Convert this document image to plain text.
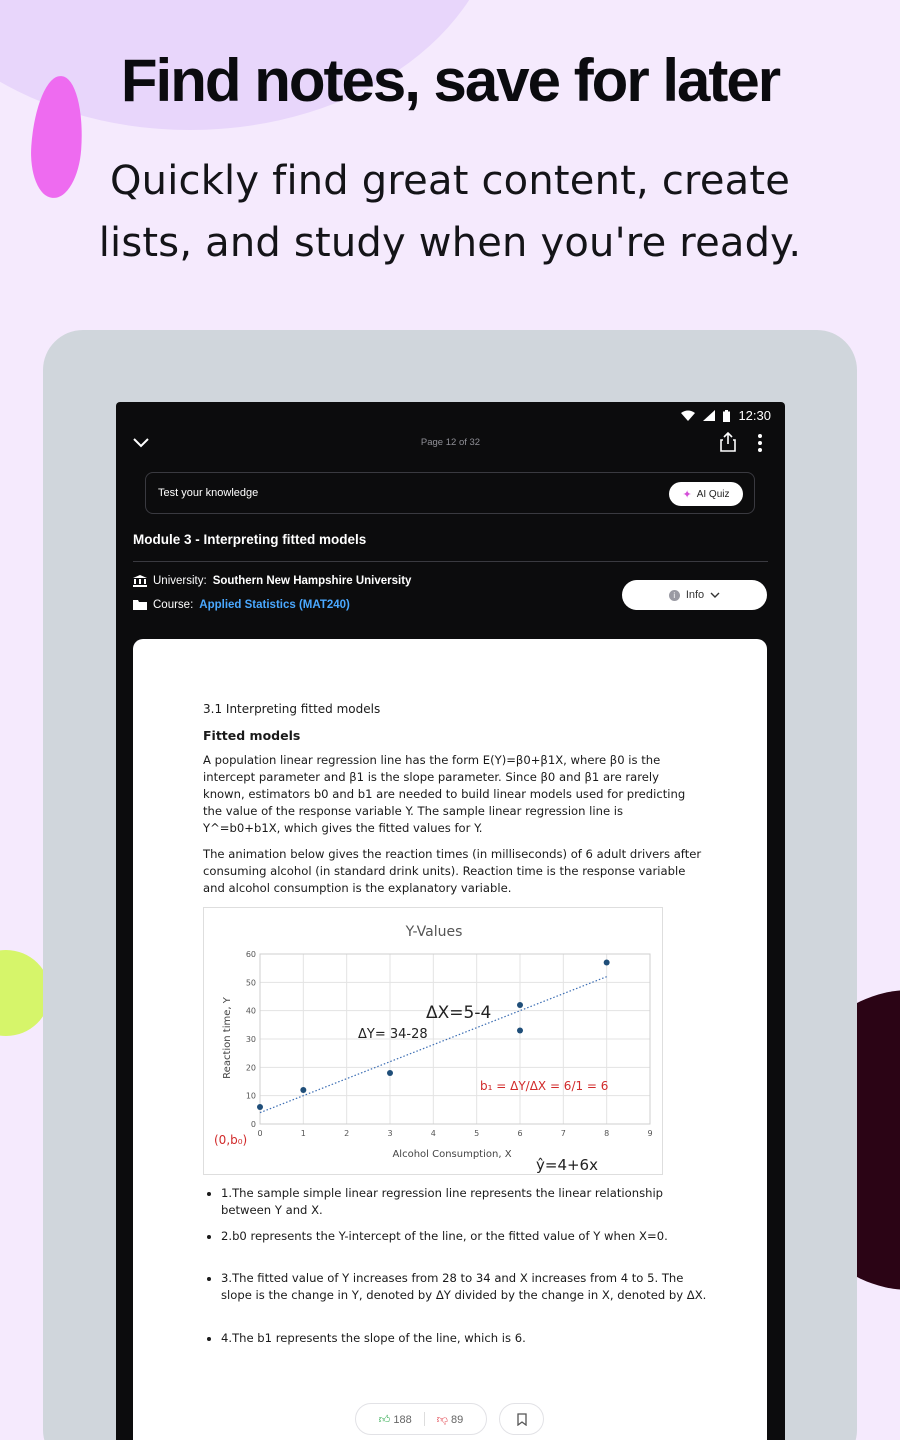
Find notes, save for later
Quickly find great content, create lists, and study when you're ready.
12:30
Page 12 of 32
Test your knowledge	✦ AI Quiz
Module 3 - Interpreting fitted models
University: Southern New Hampshire University
Course: Applied Statistics (MAT240)
i Info
3.1 Interpreting fitted models
Fitted models
A population linear regression line has the form E(Y)=β0+β1X, where β0 is the intercept parameter and β1 is the slope parameter. Since β0 and β1 are rarely known, estimators b0 and b1 are needed to build linear models used for predicting the value of the response variable Y. The sample linear regression line is Y^=b0+b1X, which gives the fitted values for Y.
The animation below gives the reaction times (in milliseconds) of 6 adult drivers after consuming alcohol (in standard drink units). Reaction time is the response variable and alcohol consumption is the explanatory variable.
Y-Values
0	1	2	3	4	5	6	7	8	9
0
10
20
30
40
50
60
Alcohol Consumption, X
Reaction time, Y	ΔX=5-4
ΔY= 34-28
b₁ = ΔY/ΔX = 6/1 = 6
(0,b₀)
ŷ=4+6x
• 1.The sample simple linear regression line represents the linear relationship between Y and X.
• 2.b0 represents the Y-intercept of the line, or the fitted value of Y when X=0.
• 3.The fitted value of Y increases from 28 to 34 and X increases from 4 to 5. The slope is the change in Y, denoted by ΔY divided by the change in X, denoted by ΔX.
• 4.The b1 represents the slope of the line, which is 6.
👍︎ 188 👎︎ 89
